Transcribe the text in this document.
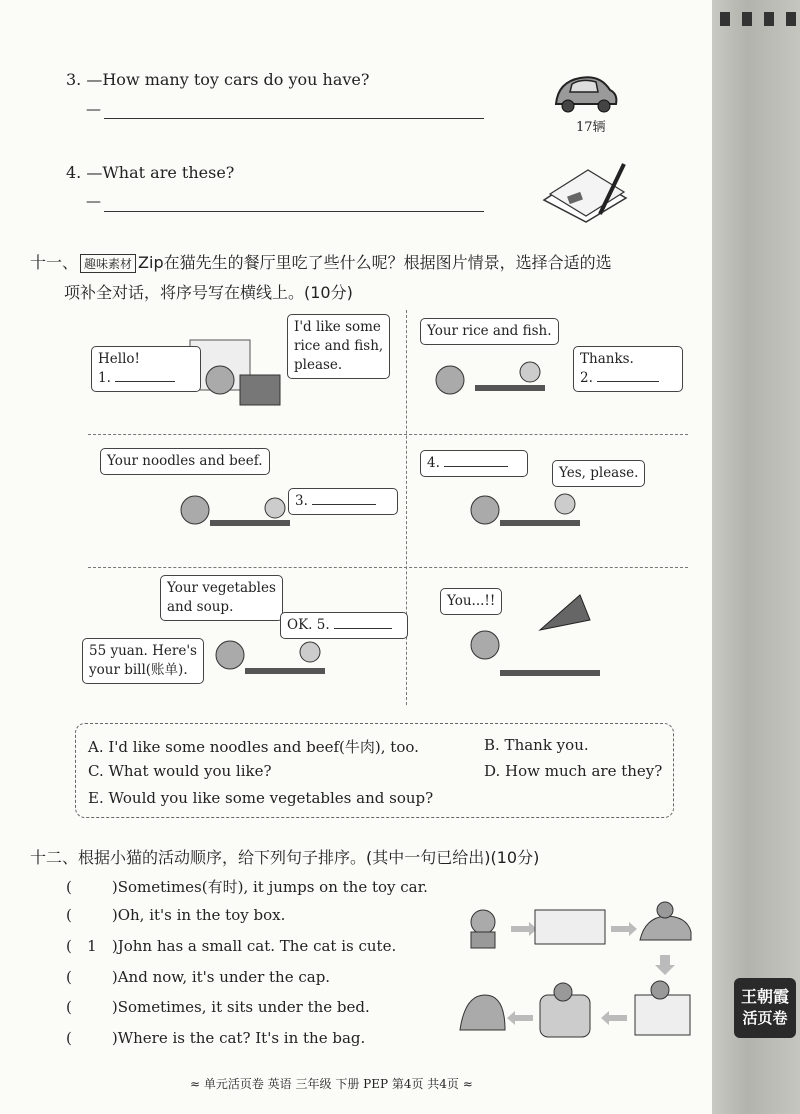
3. —How many toy cars do you have?
—
17辆
4. —What are these?
—
十一、 趣味素材 Zip在猫先生的餐厅里吃了些什么呢？根据图片情景，选择合适的选
项补全对话，将序号写在横线上。(10分)
Hello!
1.
I'd like some
rice and fish,
please.
Your rice and fish.
Thanks.
2.
Your noodles and beef.
3.
4.
Yes, please.
Your vegetables
and soup.
OK. 5.
55 yuan. Here's
your bill(账单).
You...!!
A. I'd like some noodles and beef(牛肉), too.	B. Thank you.
C. What would you like?	D. How much are they?
E. Would you like some vegetables and soup?
十二、根据小猫的活动顺序，给下列句子排序。(其中一句已给出)(10分)
(	)Sometimes(有时), it jumps on the toy car.
(	)Oh, it's in the toy box.
( 1 )John has a small cat. The cat is cute.
(	)And now, it's under the cap.
(	)Sometimes, it sits under the bed.
(	)Where is the cat? It's in the bag.
王朝霞
活页卷
≈ 单元活页卷 英语 三年级 下册 PEP 第4页 共4页 ≈
